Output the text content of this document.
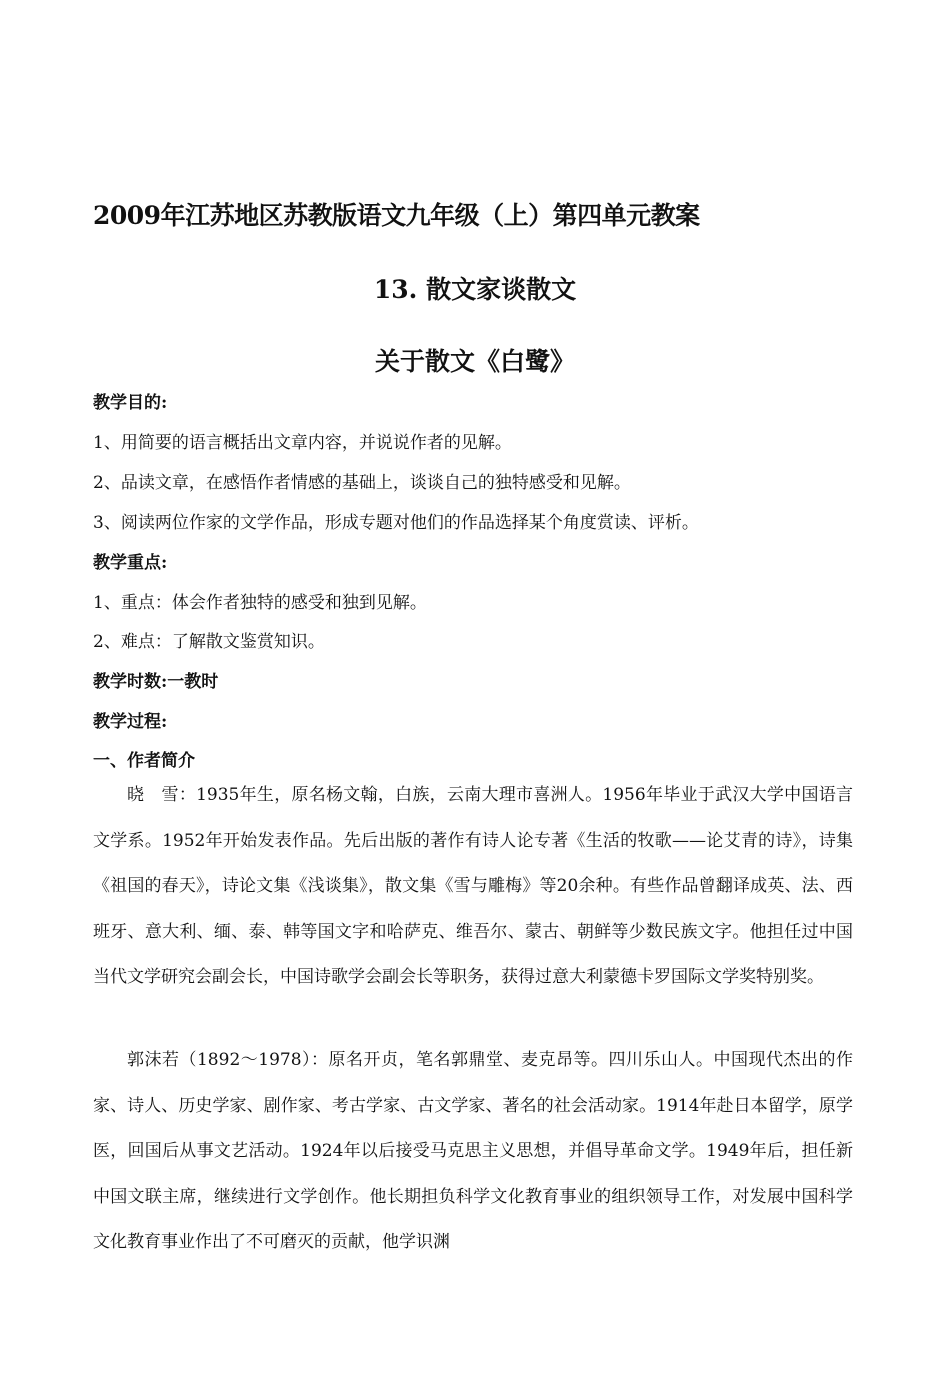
2009年江苏地区苏教版语文九年级（上）第四单元教案
13. 散文家谈散文
关于散文《白鹭》
教学目的:
1、用简要的语言概括出文章内容，并说说作者的见解。
2、品读文章，在感悟作者情感的基础上，谈谈自己的独特感受和见解。
3、阅读两位作家的文学作品，形成专题对他们的作品选择某个角度赏读、评析。
教学重点:
1、重点：体会作者独特的感受和独到见解。
2、难点：了解散文鉴赏知识。
教学时数:一教时
教学过程:
一、作者简介
晓　雪：1935年生，原名杨文翰，白族，云南大理市喜洲人。1956年毕业于武汉大学中国语言文学系。1952年开始发表作品。先后出版的著作有诗人论专著《生活的牧歌——论艾青的诗》，诗集《祖国的春天》，诗论文集《浅谈集》，散文集《雪与雕梅》等20余种。有些作品曾翻译成英、法、西班牙、意大利、缅、泰、韩等国文字和哈萨克、维吾尔、蒙古、朝鲜等少数民族文字。他担任过中国当代文学研究会副会长，中国诗歌学会副会长等职务，获得过意大利蒙德卡罗国际文学奖特别奖。
郭沫若（1892～1978）：原名开贞，笔名郭鼎堂、麦克昂等。四川乐山人。中国现代杰出的作家、诗人、历史学家、剧作家、考古学家、古文学家、著名的社会活动家。1914年赴日本留学，原学医，回国后从事文艺活动。1924年以后接受马克思主义思想，并倡导革命文学。1949年后，担任新中国文联主席，继续进行文学创作。他长期担负科学文化教育事业的组织领导工作，对发展中国科学文化教育事业作出了不可磨灭的贡献，他学识渊
